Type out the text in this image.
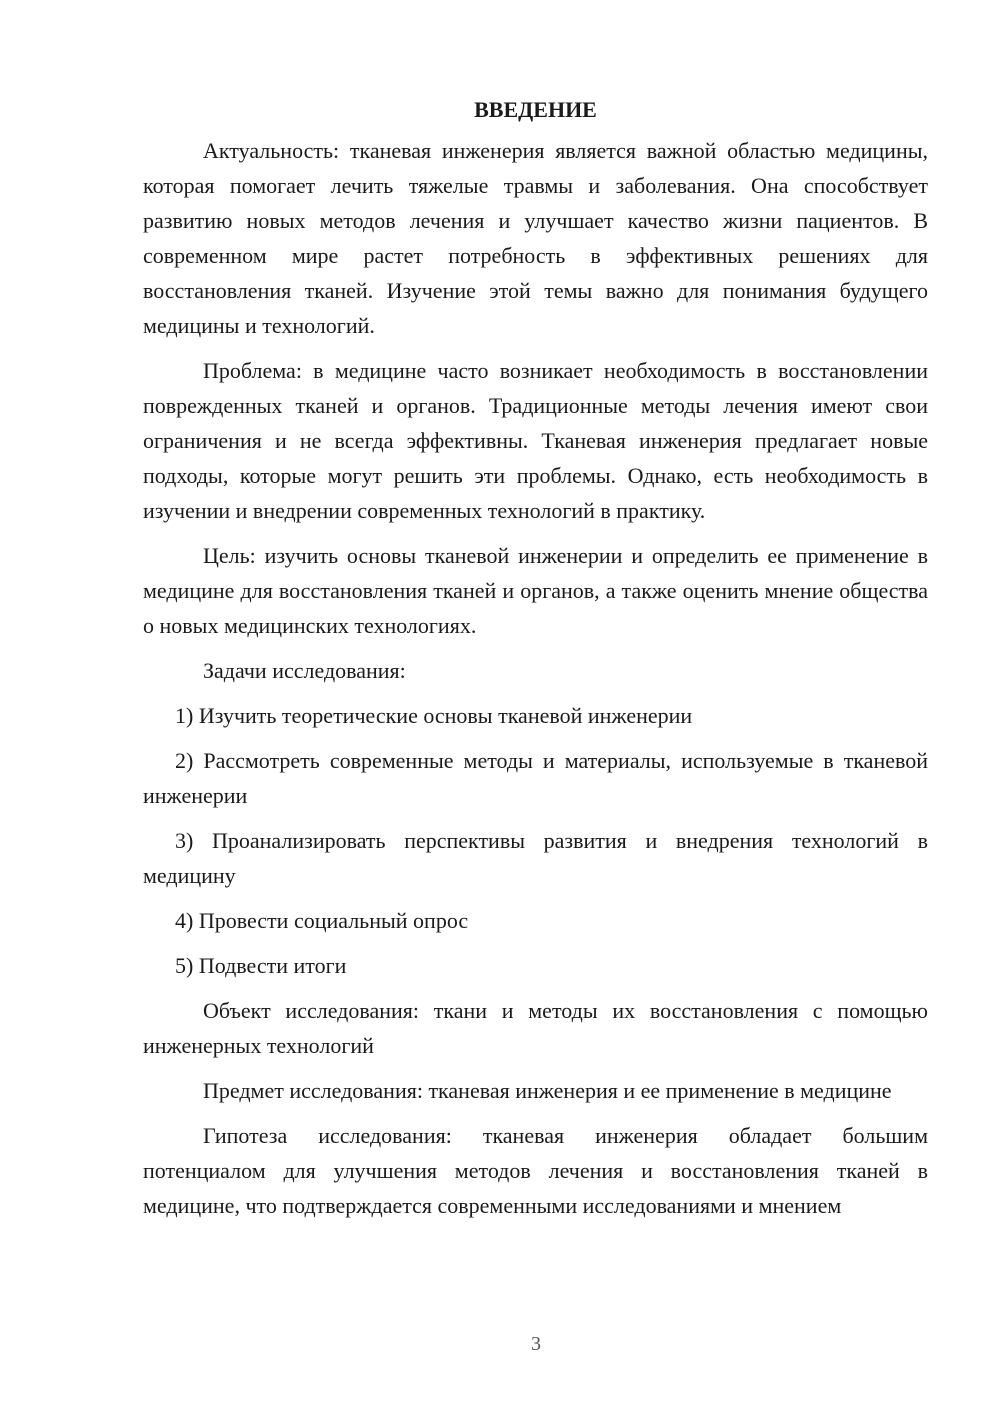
ВВЕДЕНИЕ

Актуальность: тканевая инженерия является важной областью медицины, которая помогает лечить тяжелые травмы и заболевания. Она способствует развитию новых методов лечения и улучшает качество жизни пациентов. В современном мире растет потребность в эффективных решениях для восстановления тканей. Изучение этой темы важно для понимания будущего медицины и технологий.

Проблема: в медицине часто возникает необходимость в восстановлении поврежденных тканей и органов. Традиционные методы лечения имеют свои ограничения и не всегда эффективны. Тканевая инженерия предлагает новые подходы, которые могут решить эти проблемы. Однако, есть необходимость в изучении и внедрении современных технологий в практику.

Цель: изучить основы тканевой инженерии и определить ее применение в медицине для восстановления тканей и органов, а также оценить мнение общества о новых медицинских технологиях.

Задачи исследования:

1) Изучить теоретические основы тканевой инженерии

2) Рассмотреть современные методы и материалы, используемые в тканевой инженерии

3) Проанализировать перспективы развития и внедрения технологий в медицину

4) Провести социальный опрос

5) Подвести итоги

Объект исследования: ткани и методы их восстановления с помощью инженерных технологий

Предмет исследования: тканевая инженерия и ее применение в медицине

Гипотеза исследования: тканевая инженерия обладает большим потенциалом для улучшения методов лечения и восстановления тканей в медицине, что подтверждается современными исследованиями и мнением

3
